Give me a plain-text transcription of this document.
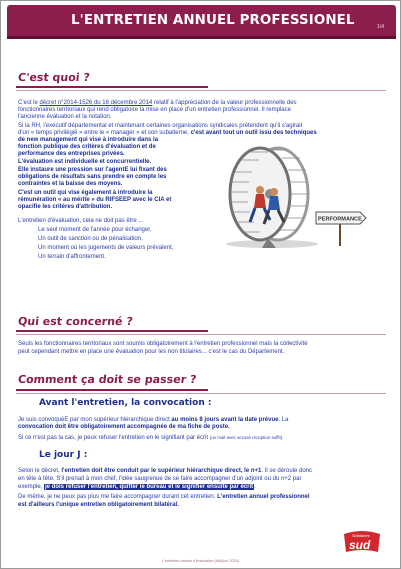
L'ENTRETIEN ANNUEL PROFESSIONEL	1/4
C'est quoi ?
C'est le décret n°2014-1526 du 16 décembre 2014 relatif à l'appréciation de la valeur professionnelle des
fonctionnaires territoriaux qui rend obligatoire la mise en place d'un entretien professionnel. Il remplace
l'ancienne évaluation et la notation.
Si la RH, l'exécutif départemental et maintenant certaines organisations syndicales prétendent qu'il s'agirait
d'un « temps privilégié » entre le « manager » et son subalterne, c'est avant tout un outil issu des techniques
de new management qui vise à introduire dans la
fonction publique des critères d'évaluation et de
performance des entreprises privées.
L'évaluation est individuelle et concurrentielle.
Elle instaure une pression sur l'agentE lui fixant des
obligations de résultats sans prendre en compte les
contraintes et la baisse des moyens.
C'est un outil qui vise également à introduire la
rémunération « au mérite » du RIFSEEP avec le CIA et
opacifie les critères d'attribution.
L'entretien d'évaluation, cela ne doit pas être ...
Le seul moment de l'année pour échanger,
Un outil de sanction ou de pénalisation,
Un moment où les jugements de valeurs prévalent,
Un terrain d'affrontement.
PERFORMANCE
Qui est concerné ?
Seuls les fonctionnaires territoriaux sont soumis obligatoirement à l'entretien professionnel mais la collectivité
peut cependant mettre en place une évaluation pour les non titulaires... c'est le cas du Département.
Comment ça doit se passer ?
Avant l'entretien, la convocation :
Je suis convoquéE par mon supérieur hiérarchique direct au moins 8 jours avant la date prévue. La
convocation doit être obligatoirement accompagnée de ma fiche de poste.
Si ce n'est pas la cas, je peux refuser l'entretien en le signifiant par écrit (un mail avec accusé réception suffit).
Le jour J :
Selon le décret, l'entretien doit être conduit par le supérieur hiérarchique direct, le n+1. Il se déroule donc
en tête à tête. S'il prenait à mon chef, l'idée saugrenue de se faire accompagner d'un adjoint ou du n+2 par
exemple, je dois refuser l'entretien, quitter le bureau et le signifier ensuite par écrit.
De même, je ne peux pas plus me faire accompagner durant cet entretien. L'entretien annuel professionnel
est d'ailleurs l'unique entretien obligatoirement bilatéral.
Solidaires
sud
L'entretien annuel d'évaluation (MA/juin 2020)
